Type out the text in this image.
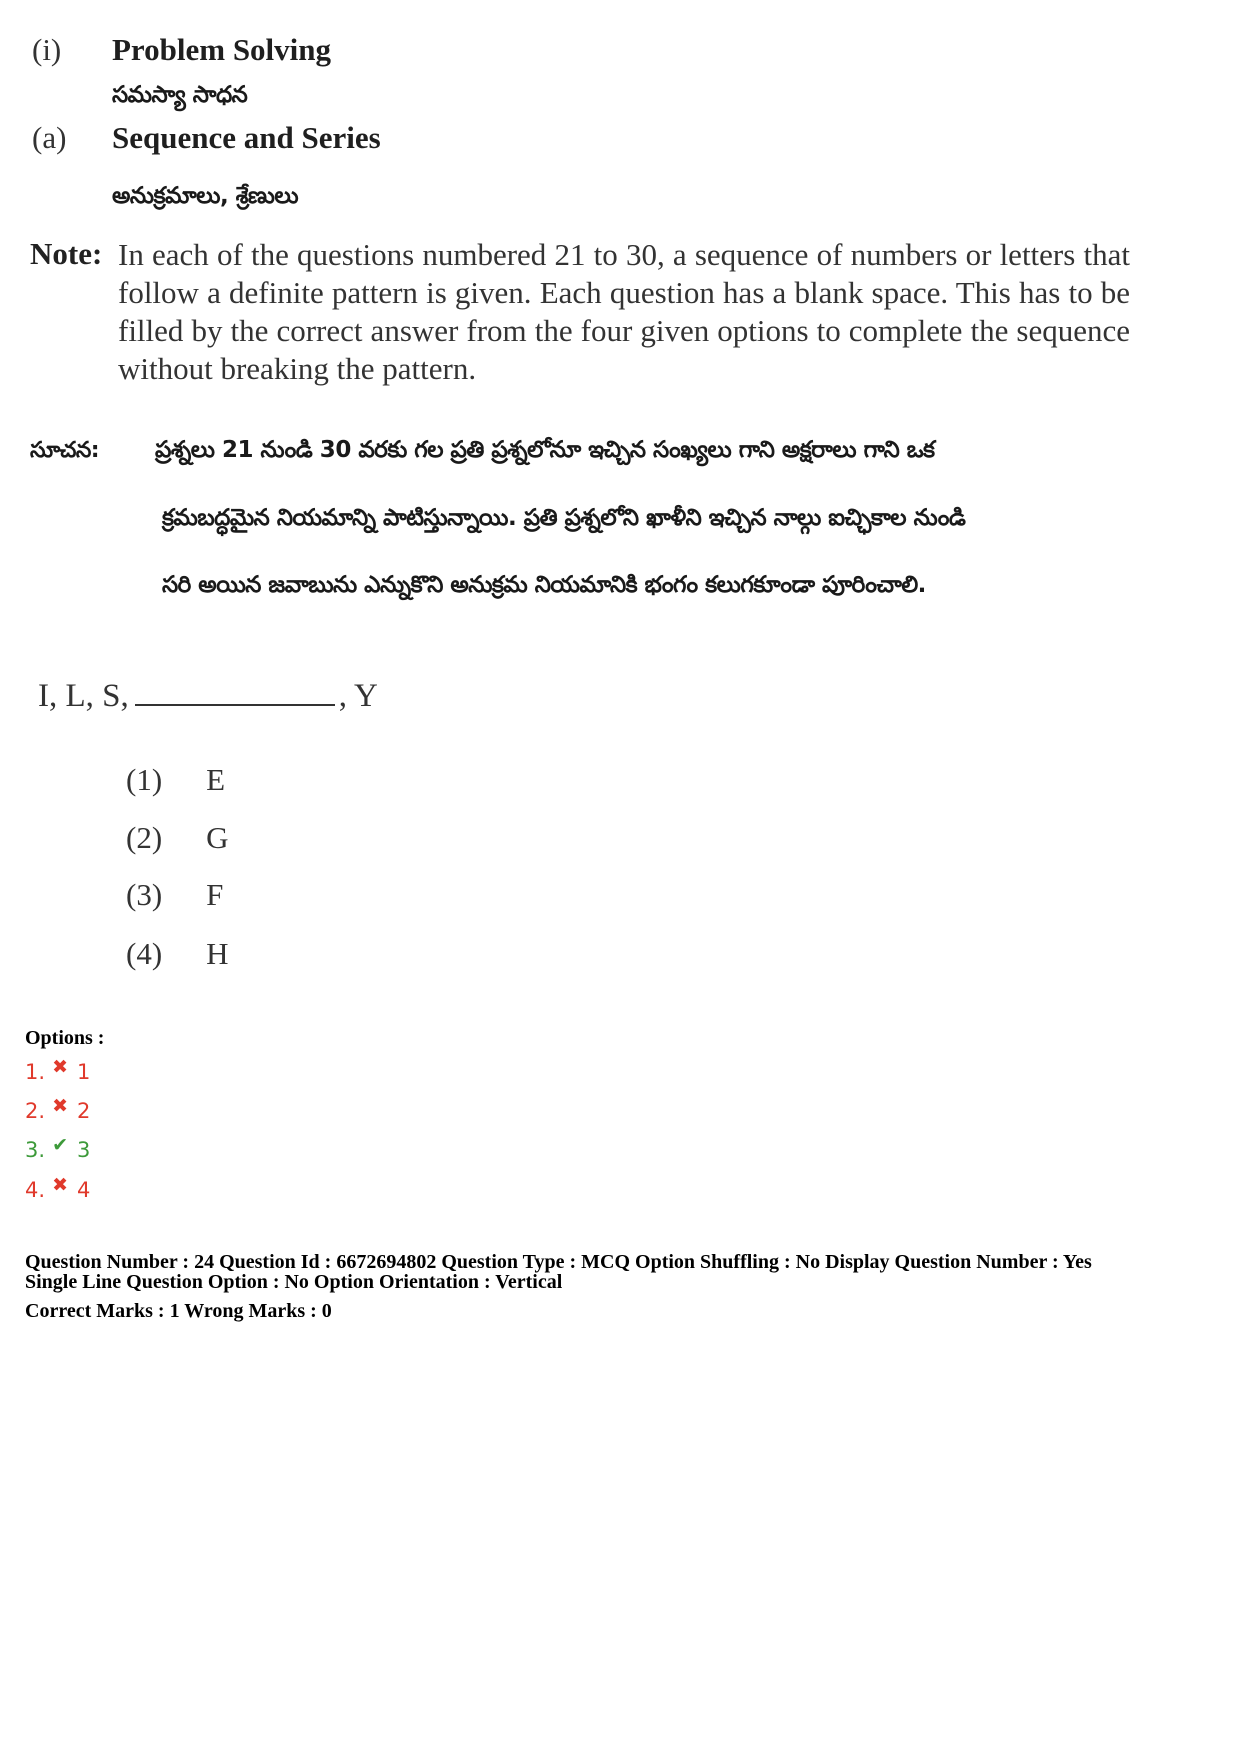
(i) Problem Solving
సమస్యా సాధన
(a) Sequence and Series
అనుక్రమాలు, శ్రేణులు
Note: In each of the questions numbered 21 to 30, a sequence of numbers or letters that follow a definite pattern is given. Each question has a blank space. This has to be filled by the correct answer from the four given options to complete the sequence without breaking the pattern.
సూచన: ప్రశ్నలు 21 నుండి 30 వరకు గల ప్రతి ప్రశ్నలోనూ ఇచ్చిన సంఖ్యలు గాని అక్షరాలు గాని ఒక
క్రమబద్ధమైన నియమాన్ని పాటిస్తున్నాయి. ప్రతి ప్రశ్నలోని ఖాళీని ఇచ్చిన నాల్గు ఐచ్ఛికాల నుండి
సరి అయిన జవాబును ఎన్నుకొని అనుక్రమ నియమానికి భంగం కలుగకూండా పూరించాలి.
I, L, S,	, Y
(1) E
(2) G
(3) F
(4) H
Options :
1. ✖ 1
2. ✖ 2
3. ✔ 3
4. ✖ 4
Question Number : 24 Question Id : 6672694802 Question Type : MCQ Option Shuffling : No Display Question Number : Yes
Single Line Question Option : No Option Orientation : Vertical
Correct Marks : 1 Wrong Marks : 0
